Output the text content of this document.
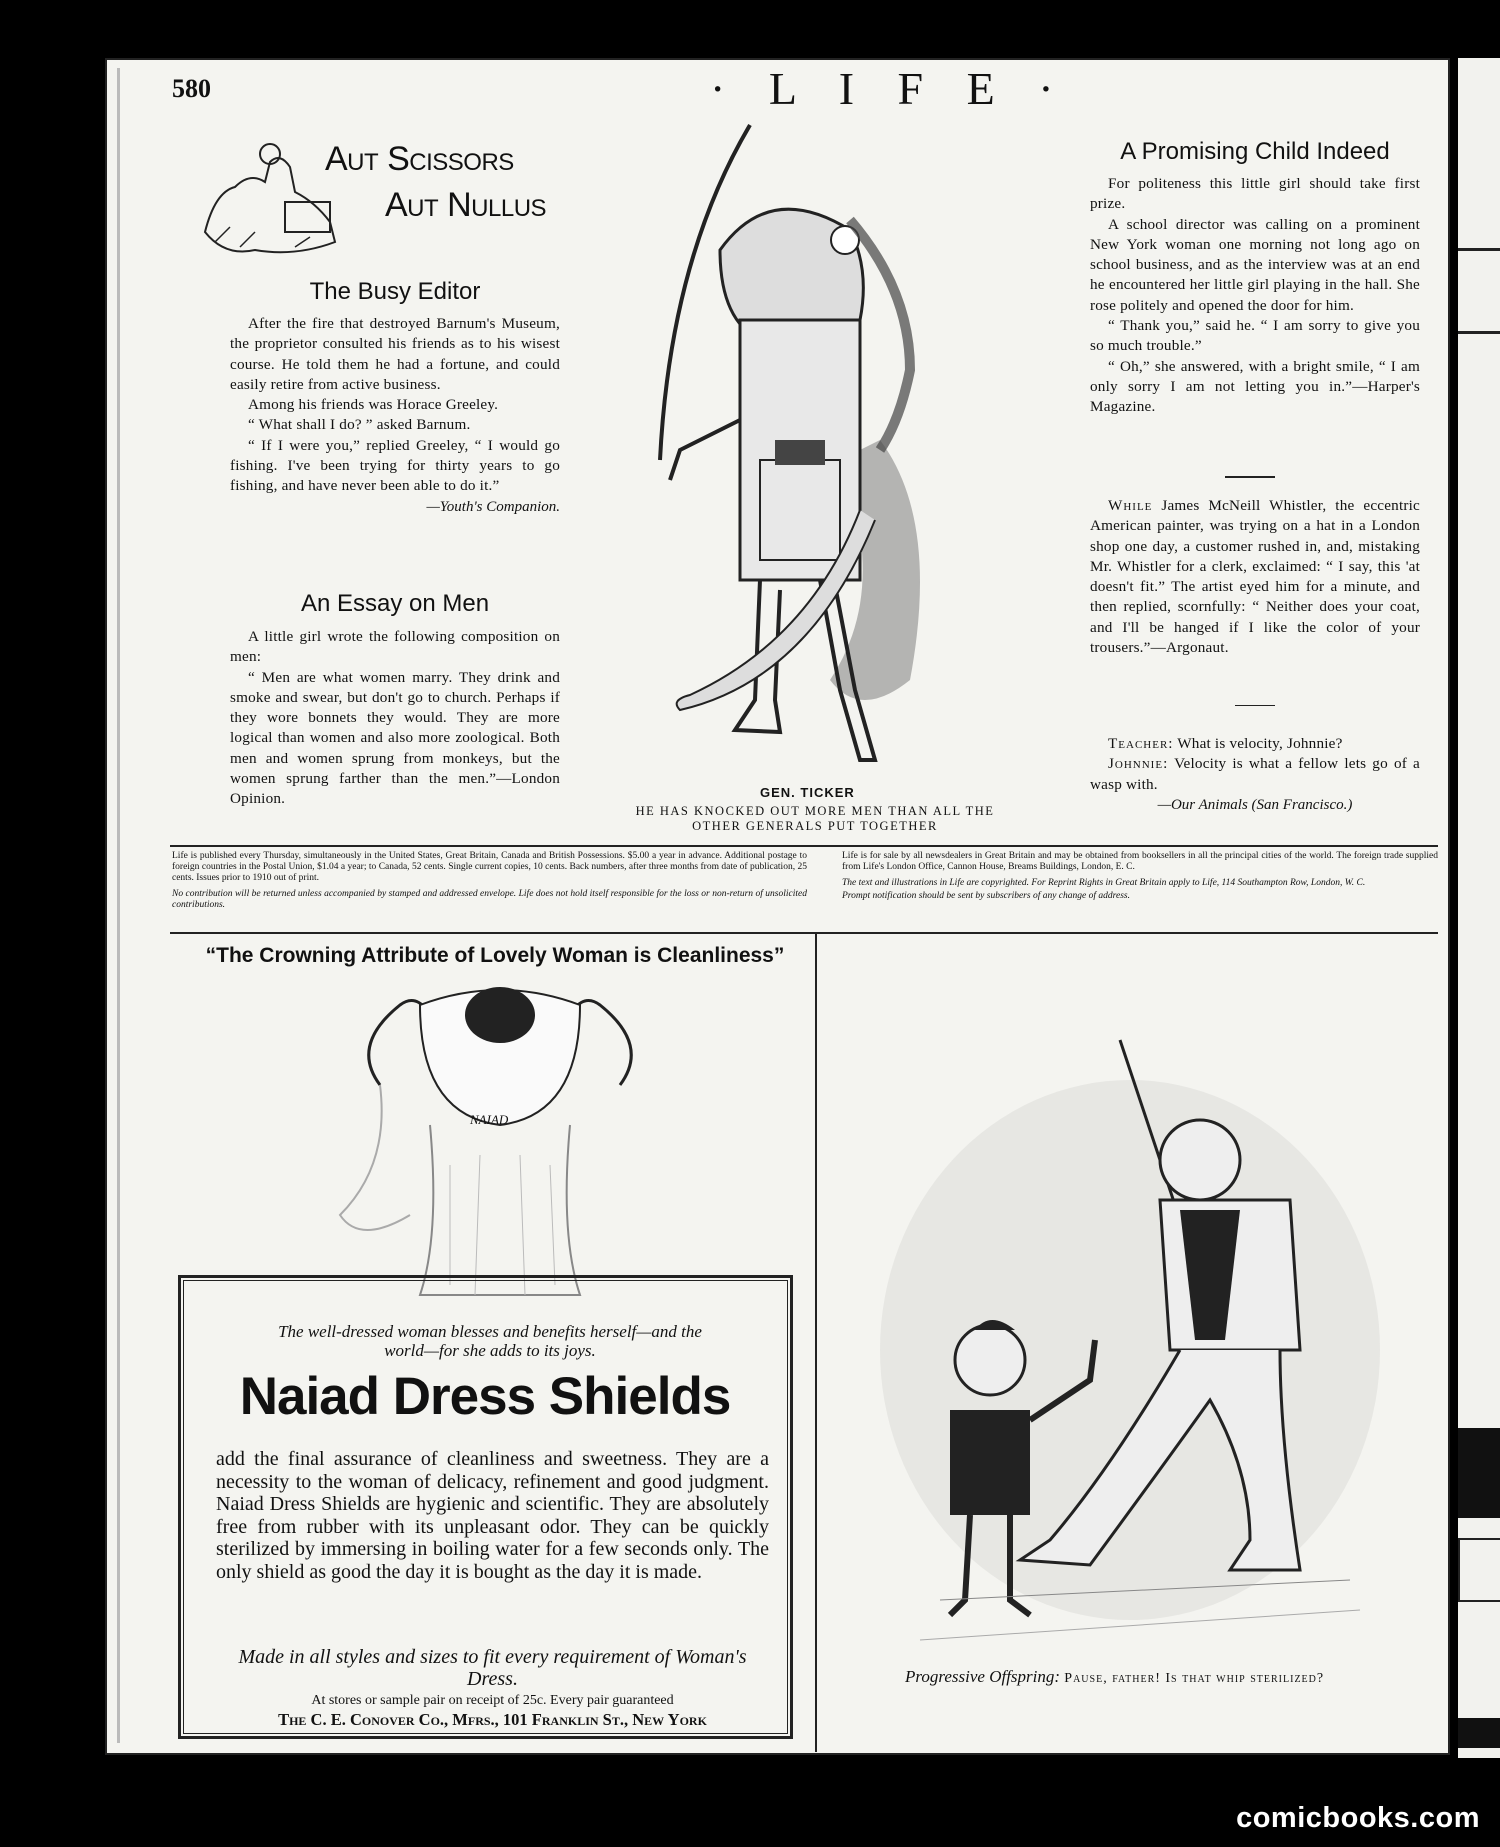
580	· L I F E ·
Aut Scissors
Aut Nullus
The Busy Editor

After the fire that destroyed Barnum's Museum, the proprietor consulted his friends as to his wisest course. He told them he had a fortune, and could easily retire from active business.

Among his friends was Horace Greeley.

“ What shall I do? ” asked Barnum.

“ If I were you,” replied Greeley, “ I would go fishing. I've been trying for thirty years to go fishing, and have never been able to do it.”

—Youth's Companion.
An Essay on Men

A little girl wrote the following composition on men:

“ Men are what women marry. They drink and smoke and swear, but don't go to church. Perhaps if they wore bonnets they would. They are more logical than women and also more zoological. Both men and women sprung from monkeys, but the women sprung farther than the men.”—London Opinion.	GEN. TICKER
HE HAS KNOCKED OUT MORE MEN THAN ALL THE OTHER GENERALS PUT TOGETHER
A Promising Child Indeed

For politeness this little girl should take first prize.

A school director was calling on a prominent New York woman one morning not long ago on school business, and as the interview was at an end he encountered her little girl playing in the hall. She rose politely and opened the door for him.

“ Thank you,” said he. “ I am sorry to give you so much trouble.”

“ Oh,” she answered, with a bright smile, “ I am only sorry I am not letting you in.”—Harper's Magazine.

While James McNeill Whistler, the eccentric American painter, was trying on a hat in a London shop one day, a customer rushed in, and, mistaking Mr. Whistler for a clerk, exclaimed: “ I say, this 'at doesn't fit.” The artist eyed him for a minute, and then replied, scornfully: “ Neither does your coat, and I'll be hanged if I like the color of your trousers.”—Argonaut.

Teacher: What is velocity, Johnnie?

Johnnie: Velocity is what a fellow lets go of a wasp with.

—Our Animals (San Francisco.)
Life is published every Thursday, simultaneously in the United States, Great Britain, Canada and British Possessions. $5.00 a year in advance. Additional postage to foreign countries in the Postal Union, $1.04 a year; to Canada, 52 cents. Single current copies, 10 cents. Back numbers, after three months from date of publication, 25 cents. Issues prior to 1910 out of print.
No contribution will be returned unless accompanied by stamped and addressed envelope. Life does not hold itself responsible for the loss or non-return of unsolicited contributions.
Life is for sale by all newsdealers in Great Britain and may be obtained from booksellers in all the principal cities of the world. The foreign trade supplied from Life's London Office, Cannon House, Breams Buildings, London, E. C.
The text and illustrations in Life are copyrighted. For Reprint Rights in Great Britain apply to Life, 114 Southampton Row, London, W. C.
Prompt notification should be sent by subscribers of any change of address.
“The Crowning Attribute of Lovely Woman is Cleanliness”
NAIAD
The well-dressed woman blesses and benefits herself—and the world—for she adds to its joys.
Naiad Dress Shields
add the final assurance of cleanliness and sweetness. They are a necessity to the woman of delicacy, refinement and good judgment. Naiad Dress Shields are hygienic and scientific. They are absolutely free from rubber with its unpleasant odor. They can be quickly sterilized by immersing in boiling water for a few seconds only. The only shield as good the day it is bought as the day it is made.
Made in all styles and sizes to fit every requirement of Woman's Dress.
At stores or sample pair on receipt of 25c. Every pair guaranteed
The C. E. Conover Co., Mfrs., 101 Franklin St., New York
Progressive Offspring: Pause, father! Is that whip sterilized?
comicbooks.com
